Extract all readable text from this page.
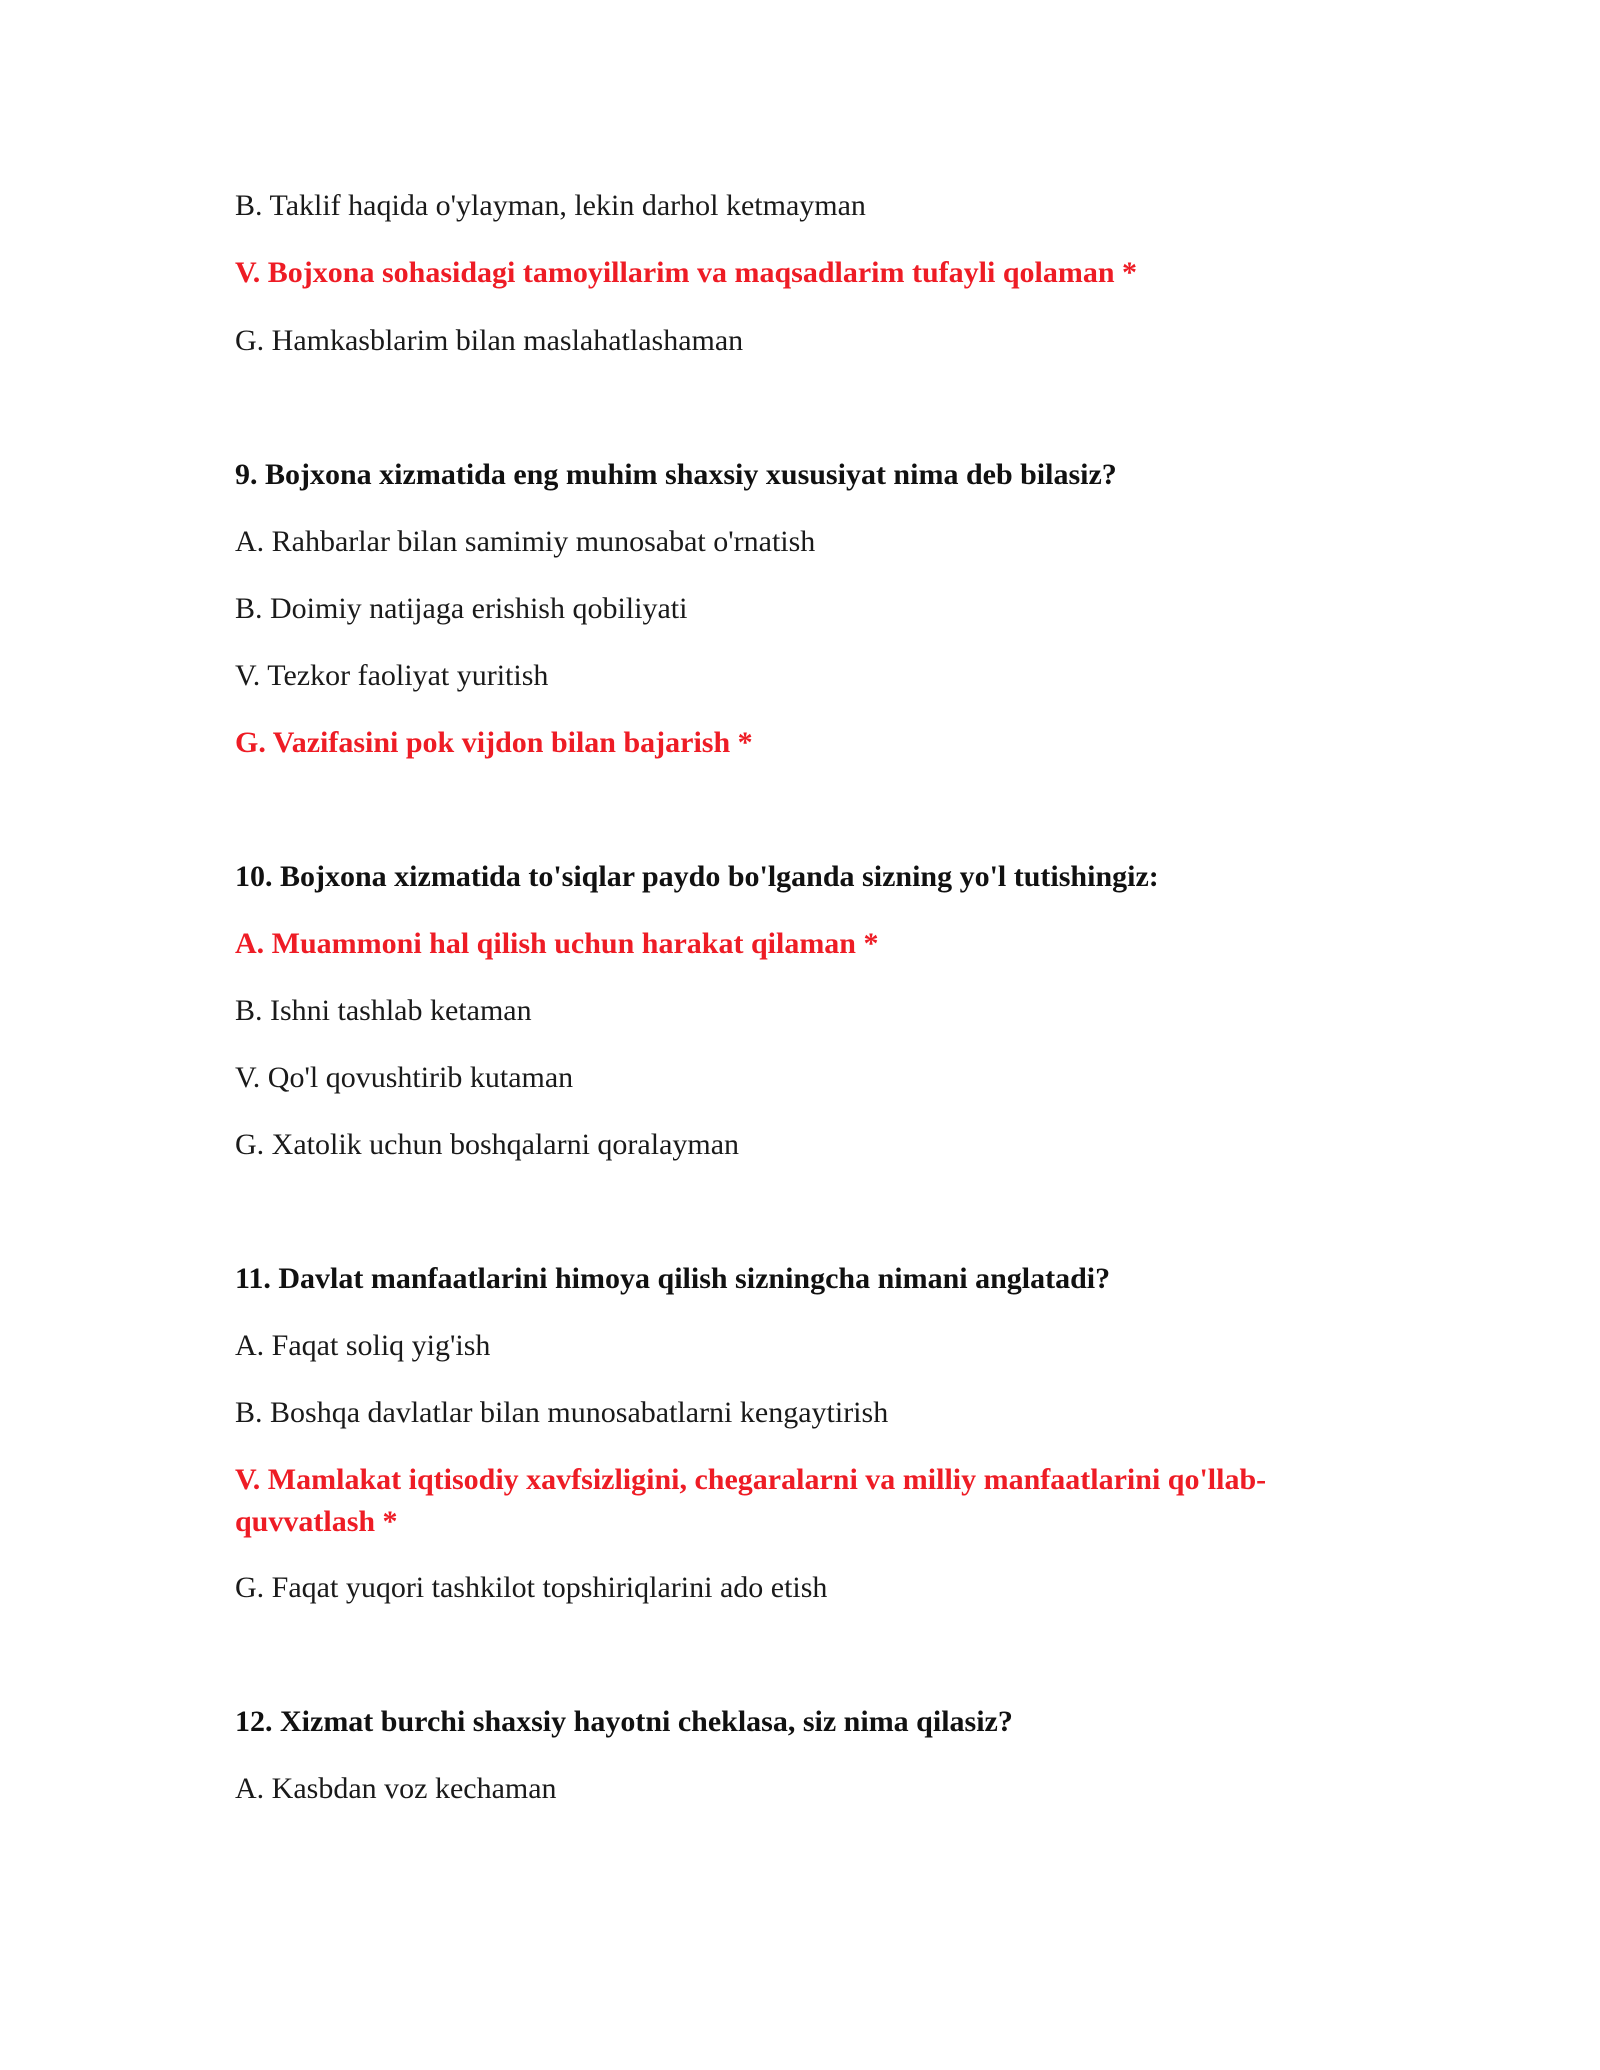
B. Taklif haqida o'ylayman, lekin darhol ketmayman
V. Bojxona sohasidagi tamoyillarim va maqsadlarim tufayli qolaman *
G. Hamkasblarim bilan maslahatlashaman
9. Bojxona xizmatida eng muhim shaxsiy xususiyat nima deb bilasiz?
A. Rahbarlar bilan samimiy munosabat o'rnatish
B. Doimiy natijaga erishish qobiliyati
V. Tezkor faoliyat yuritish
G. Vazifasini pok vijdon bilan bajarish *
10. Bojxona xizmatida to'siqlar paydo bo'lganda sizning yo'l tutishingiz:
A. Muammoni hal qilish uchun harakat qilaman *
B. Ishni tashlab ketaman
V. Qo'l qovushtirib kutaman
G. Xatolik uchun boshqalarni qoralayman
11. Davlat manfaatlarini himoya qilish sizningcha nimani anglatadi?
A. Faqat soliq yig'ish
B. Boshqa davlatlar bilan munosabatlarni kengaytirish
V. Mamlakat iqtisodiy xavfsizligini, chegaralarni va milliy manfaatlarini qo'llab-quvvatlash *
G. Faqat yuqori tashkilot topshiriqlarini ado etish
12. Xizmat burchi shaxsiy hayotni cheklasa, siz nima qilasiz?
A. Kasbdan voz kechaman
